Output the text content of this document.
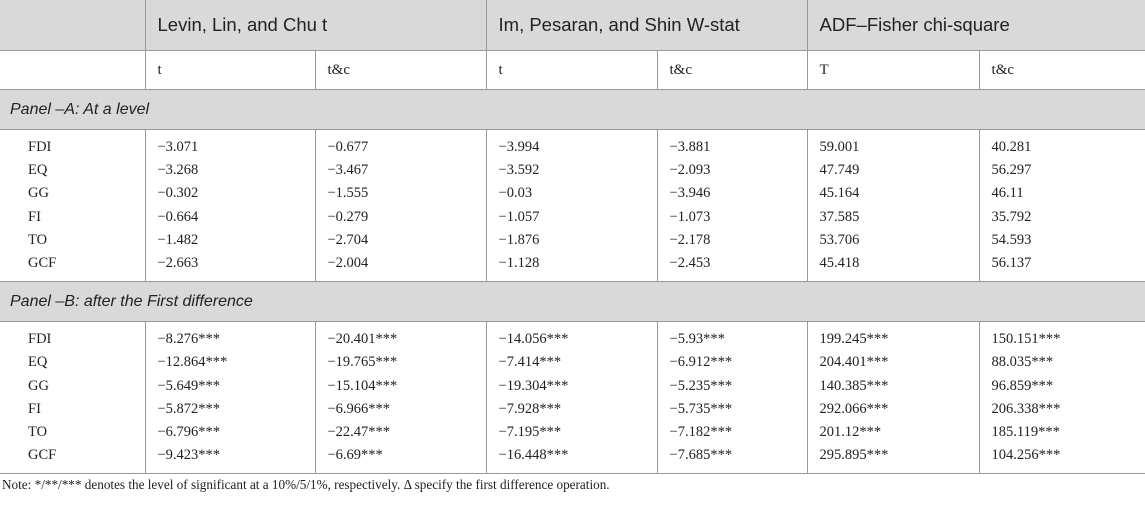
	Levin, Lin, and Chu t		Im, Pesaran, and Shin W-stat		ADF–Fisher chi-square	
	t	t&c	t	t&c	T	t&c
Panel –A: At a level						
FDI	−3.071	−0.677	−3.994	−3.881	59.001	40.281
EQ	−3.268	−3.467	−3.592	−2.093	47.749	56.297
GG	−0.302	−1.555	−0.03	−3.946	45.164	46.11
FI	−0.664	−0.279	−1.057	−1.073	37.585	35.792
TO	−1.482	−2.704	−1.876	−2.178	53.706	54.593
GCF	−2.663	−2.004	−1.128	−2.453	45.418	56.137
Panel –B: after the First difference						
FDI	−8.276***	−20.401***	−14.056***	−5.93***	199.245***	150.151***
EQ	−12.864***	−19.765***	−7.414***	−6.912***	204.401***	88.035***
GG	−5.649***	−15.104***	−19.304***	−5.235***	140.385***	96.859***
FI	−5.872***	−6.966***	−7.928***	−5.735***	292.066***	206.338***
TO	−6.796***	−22.47***	−7.195***	−7.182***	201.12***	185.119***
GCF	−9.423***	−6.69***	−16.448***	−7.685***	295.895***	104.256***
Note: */**/*** denotes the level of significant at a 10%/5/1%, respectively. Δ specify the first difference operation.
